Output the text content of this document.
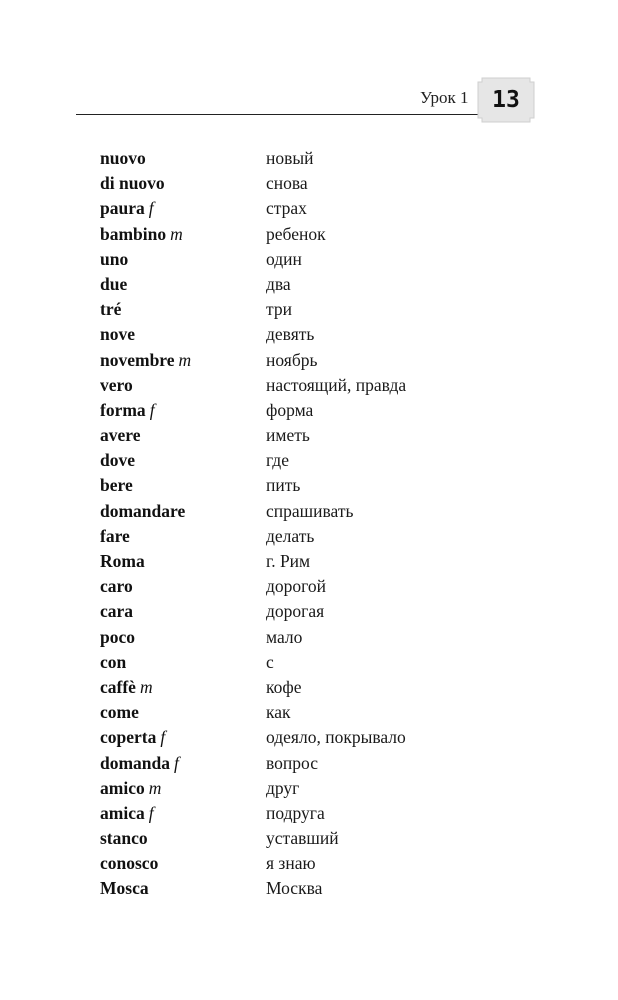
Урок 1	13
nuovo	новый
di nuovo	снова
paura f	страх
bambino m	ребенок
uno	один
due	два
tré	три
nove	девять
novembre m	ноябрь
vero	настоящий, правда
forma f	форма
avere	иметь
dove	где
bere	пить
domandare	спрашивать
fare	делать
Roma	г. Рим
caro	дорогой
cara	дорогая
poco	мало
con	с
caffè m	кофе
come	как
coperta f	одеяло, покрывало
domanda f	вопрос
amico m	друг
amica f	подруга
stanco	уставший
conosco	я знаю
Mosca	Москва
